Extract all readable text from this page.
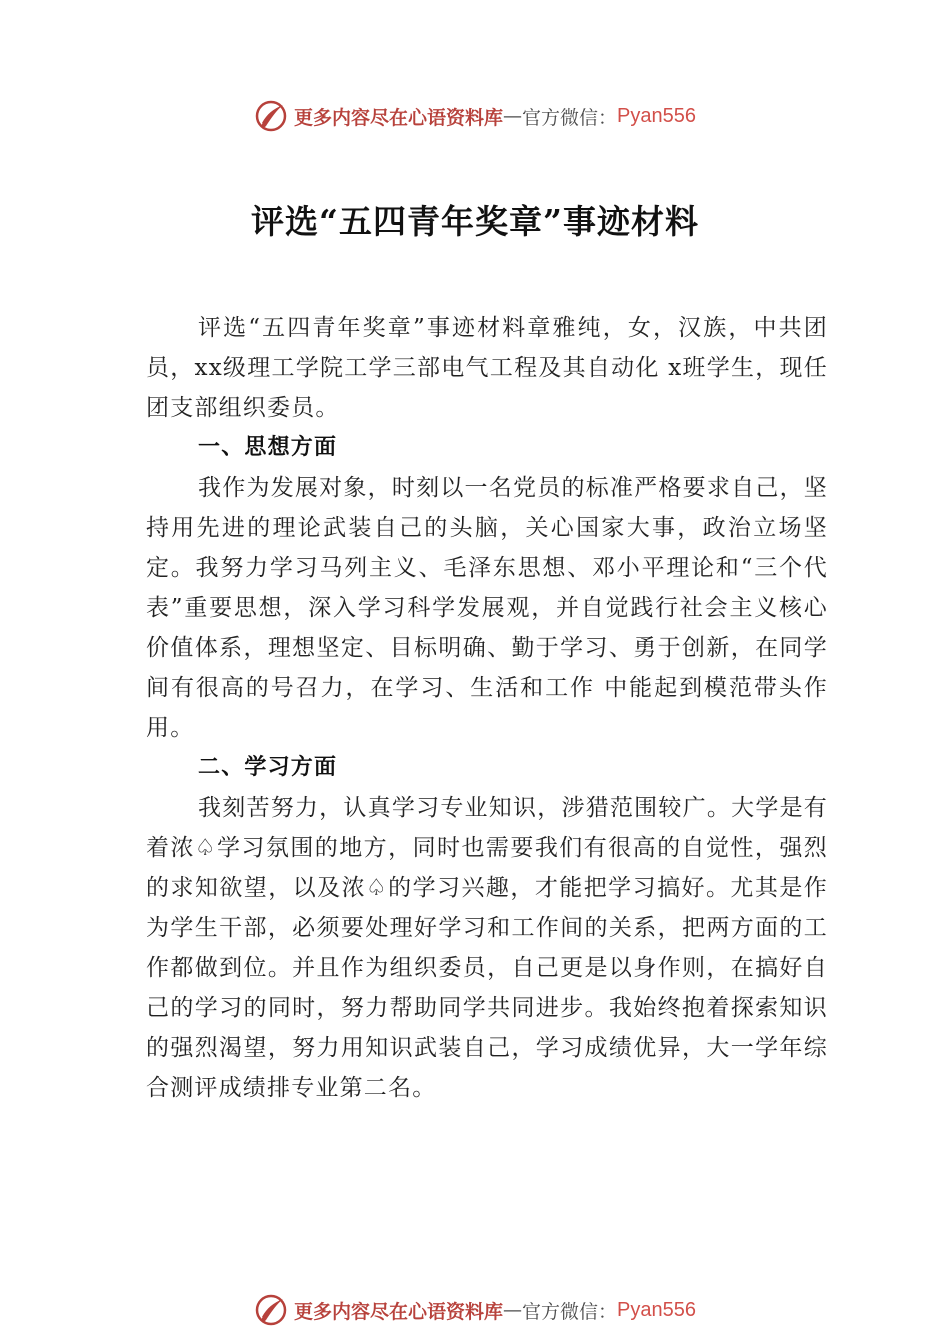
更多内容尽在心语资料库 — 官方微信： Pyan556
评选“五四青年奖章”事迹材料

评选“五四青年奖章”事迹材料章雅纯，女，汉族，中共团员，xx级理工学院工学三部电气工程及其自动化 x班学生，现任团支部组织委员。

一、思想方面

我作为发展对象，时刻以一名党员的标准严格要求自己，坚持用先进的理论武装自己的头脑，关心国家大事，政治立场坚定。我努力学习马列主义、毛泽东思想、邓小平理论和“三个代表”重要思想，深入学习科学发展观，并自觉践行社会主义核心价值体系，理想坚定、目标明确、勤于学习、勇于创新，在同学间有很高的号召力，在学习、生活和工作 中能起到模范带头作用。

二、学习方面

我刻苦努力，认真学习专业知识，涉猎范围较广。大学是有着浓♤学习氛围的地方，同时也需要我们有很高的自觉性，强烈的求知欲望，以及浓♤的学习兴趣，才能把学习搞好。尤其是作为学生干部，必须要处理好学习和工作间的关系，把两方面的工作都做到位。并且作为组织委员，自己更是以身作则，在搞好自己的学习的同时，努力帮助同学共同进步。我始终抱着探索知识的强烈渴望，努力用知识武装自己，学习成绩优异，大一学年综合测评成绩排专业第二名。

更多内容尽在心语资料库 — 官方微信： Pyan556
